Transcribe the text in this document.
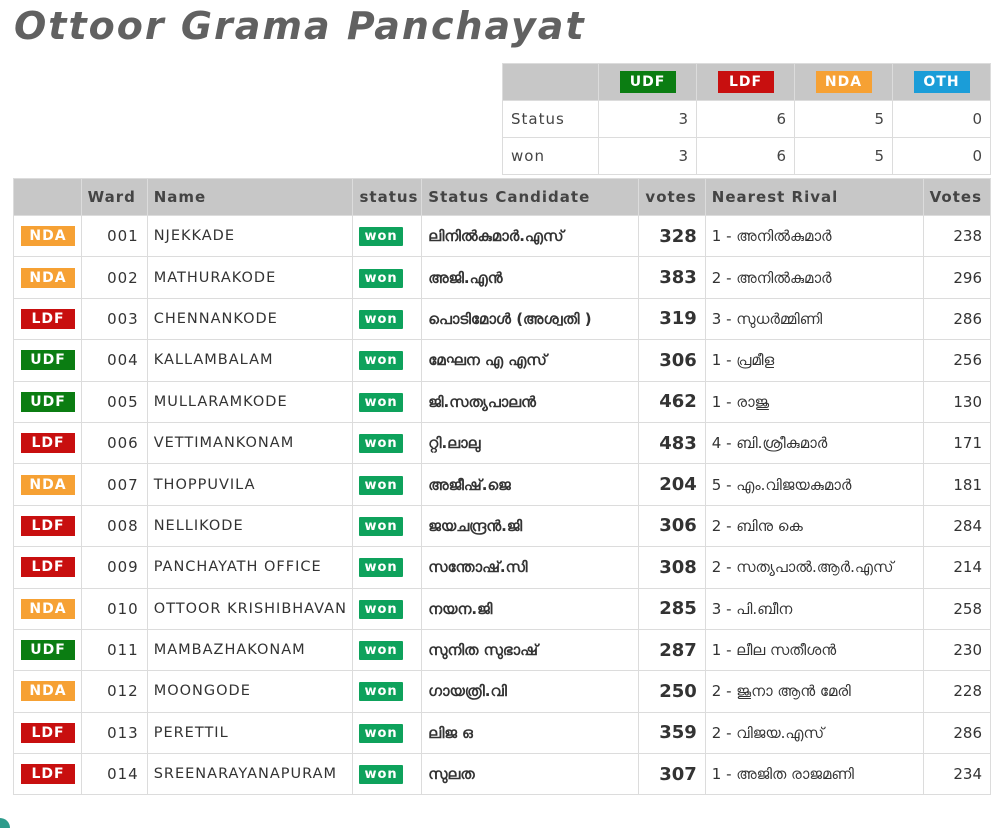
Ottoor Grama Panchayat
	UDF	LDF	NDA	OTH
Status	3	6	5	0
won	3	6	5	0
	Ward	Name	status	Status Candidate	votes	Nearest Rival	Votes
NDA	001	NJEKKADE	won	ലിനിൽകുമാർ.എസ്	328	1 - അനിൽകുമാർ	238
NDA	002	MATHURAKODE	won	അജി.എൻ	383	2 - അനിൽകുമാർ	296
LDF	003	CHENNANKODE	won	പൊടിമോൾ (അശ്വതി )	319	3 - സുധർമ്മിണി	286
UDF	004	KALLAMBALAM	won	മേഘന എ എസ്	306	1 - പ്രമീള	256
UDF	005	MULLARAMKODE	won	ജി.സത്യപാലൻ	462	1 - രാജു	130
LDF	006	VETTIMANKONAM	won	റ്റി.ലാലു	483	4 - ബി.ശ്രീകുമാർ	171
NDA	007	THOPPUVILA	won	അജീഷ്.ജെ	204	5 - എം.വിജയകുമാർ	181
LDF	008	NELLIKODE	won	ജയചന്ദ്രൻ.ജി	306	2 - ബിനു കെ	284
LDF	009	PANCHAYATH OFFICE	won	സന്തോഷ്.സി	308	2 - സത്യപാൽ.ആർ.എസ്	214
NDA	010	OTTOOR KRISHIBHAVAN	won	നയന.ജി	285	3 - പി.ബീന	258
UDF	011	MAMBAZHAKONAM	won	സുനിത സുഭാഷ്	287	1 - ലീല സതീശൻ	230
NDA	012	MOONGODE	won	ഗായത്രി.വി	250	2 - ജൂനാ ആൻ മേരി	228
LDF	013	PERETTIL	won	ലിജ ഒ	359	2 - വിജയ.എസ്	286
LDF	014	SREENARAYANAPURAM	won	സുലത	307	1 - അജിത രാജമണി	234
